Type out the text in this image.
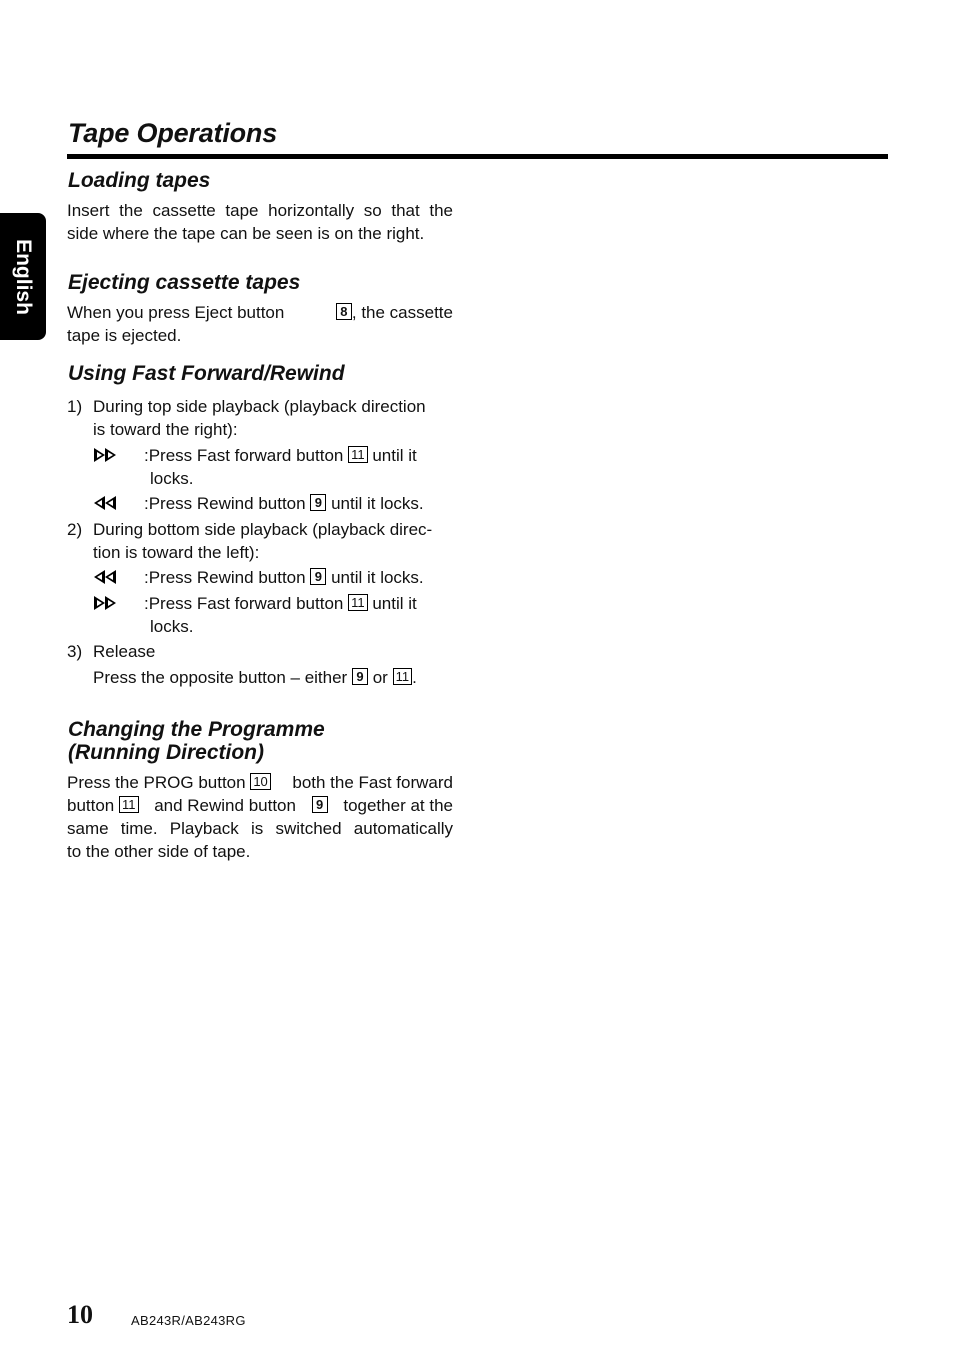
Tape Operations
English
Loading tapes

Insert the cassette tape horizontally so that the
side where the tape can be seen is on the right.

Ejecting cassette tapes
When you press Eject button	8 , the cassette
tape is ejected.
Using Fast Forward/Rewind
1) During top side playback (playback direction
is toward the right):
:Press Fast forward button 11 until it
locks.
:Press Rewind button 9 until it locks.
2) During bottom side playback (playback direc-
tion is toward the left):
:Press Rewind button 9 until it locks.
:Press Fast forward button 11 until it
locks.
3) Release
Press the opposite button – either 9 or 11 .
Changing the Programme
(Running Direction)
Press the PROG button 10 both the Fast forward
button 11 and Rewind button	9 together at the

same time. Playback is switched automatically
to the other side of tape.

10	AB243R/AB243RG
